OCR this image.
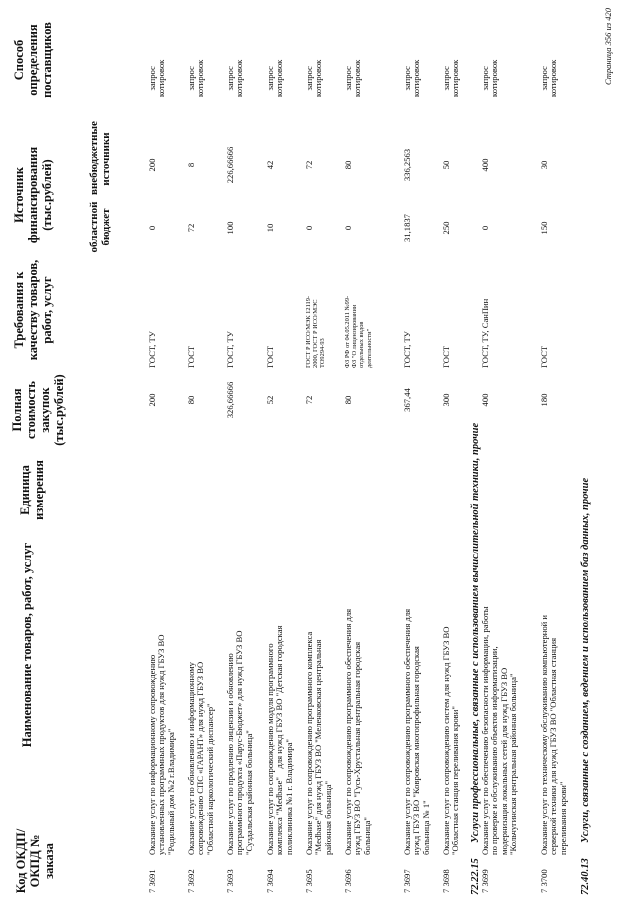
Код ОКДП/ ОКПД № заказа
Наименование товаров, работ, услуг
Единица измерения
Полная стоимость закупок (тыс.рублей)
Требования к качеству товаров, работ, услуг
Источник финансирования (тыс.рублей)	областной бюджет
внебюджетные источники
Способ определения поставщиков
7 3691
Оказание услуг по информационному сопровождению
установленных программных продуктов для нужд ГБУЗ ВО
"Родильный дом №2 г.Владимира"
200
ГОСТ, ТУ
0
200
запрос
котировок
7 3692
Оказание услуг по обновлению и информационному
сопровождению СПС «ГАРАНТ» для нужд ГБУЗ ВО
"Областной наркологический диспансер"
80
ГОСТ
72
8
запрос
котировок
7 3693
Оказание услуг по продлению лицензии и обновлению
программного продукта «Парус-Бюджет» для нужд ГБУЗ ВО
"Суздальская районная больница"
326,66666
ГОСТ, ТУ
100
226,66666
запрос
котировок
7 3694
Оказание услуг по сопровождению модуля программного
комплекса "Medbase"    для нужд ГБУЗ ВО "Детская городская
поликлиника №1 г. Владимира"
52
ГОСТ
10
42
запрос
котировок
7 3695
Оказание услуг по сопровождению программного комплекса
"Medbase" для нужд ГБУЗ ВО "Меленковская центральная
районная больница"
72
ГОСТ Р ИСО/МЭК 12119-
2000, ГОСТ Р ИСО/МЭС
ТО9294-93
0
72
запрос
котировок
7 3696
Оказание услуг по сопровождению программного обеспечения для
нужд ГБУЗ ВО "Гусь-Хрустальная центральная городская
больница"
80
ФЗ РФ от 04.05.2011 №99-
ФЗ "О лицензировании
отдельных видов
деятельности"
0
80
запрос
котировок
7 3697
Оказание услуг по сопровождению программного обеспечения для
нужд ГБУЗ ВО "Ковровская многопрофильная городская
больница № 1"
367,44
ГОСТ, ТУ
31,1837
336,2563
запрос
котировок
7 3698
Оказание услуг по сопровождению систем для нужд ГБУЗ ВО
"Областная станция переливания крови"
300
ГОСТ
250
50
запрос
котировок
7 3699
Оказание услуг по обеспечению безопасности информации, работы
по проверке и обслуживанию объектов информатизации,
модернизация локальных сетей для нужд ГБУЗ ВО
"Кольчугинская центральная районная больница"
400
ГОСТ, ТУ, СанПин
0
400
запрос
котировок
7 3700
Оказание услуг по техническому обслуживанию компьютерной и
серверной техники для нужд ГБУЗ ВО "Областная станция
переливания крови"
180
ГОСТ
150
30
запрос
котировок
72.22.15
Услуги профессиональные, связанные с использованием вычислительной техники, прочие
72.40.13
Услуги, связанные с созданием, ведением и использованием баз данных, прочие
Страница 356 из 420
